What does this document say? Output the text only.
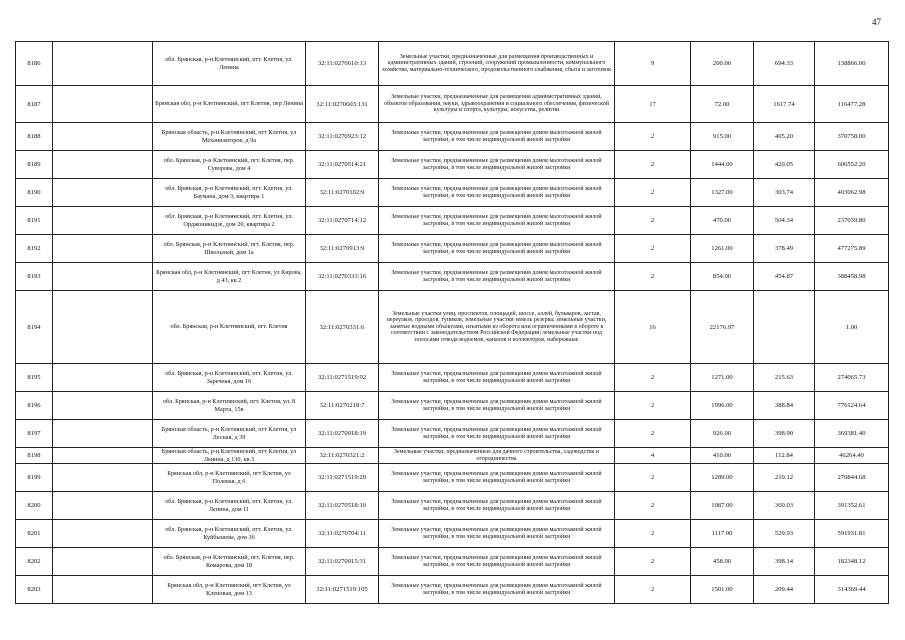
47
8186		обл. Брянская, р-н Клетнянский, пгт. Клетня, ул. Ленина	32:11:0270610:13	Земельные участки, предназначенные для размещения производственных и административных зданий, строений, сооружений промышленности, коммунального хозяйства, материально-технического, продовольственного снабжения, сбыта и заготовок	9	200.00	694.33	138866.00
8187		Брянская обл, р-н Клетнянский, пгт Клетня, пер Ленина	32:11:0270603:131	Земельные участки, предназначенные для размещения административных зданий, объектов образования, науки, здравоохранения и социального обеспечения, физической культуры и спорта, культуры, искусства, религии	17	72.00	1617.74	116477.28
8188		Брянская область, р-н Клетнянский, пгт Клетня, ул Механизаторов, д 9а	32:11:0270923:12	Земельные участки, предназначенные для размещения домов малоэтажной жилой застройки, в том числе индивидуальной жилой застройки	2	915.00	405.20	370758.00
8189		обл. Брянская, р-н Клетнянский, пгт. Клетня, пер. Суворова, дом 4	32:11:0270514:21	Земельные участки, предназначенные для размещения домов малоэтажной жилой застройки, в том числе индивидуальной жилой застройки	2	1444.00	420.05	606552.20
8190		обл. Брянская, р-н Клетнянский, пгт. Клетня, ул. Баумана, дом 3, квартира 1	32:11:0270102:9	Земельные участки, предназначенные для размещения домов малоэтажной жилой застройки, в том числе индивидуальной жилой застройки	2	1327.00	303.74	403062.98
8191		обл. Брянская, р-н Клетнянский, пгт. Клетня, ул. Орджоникидзе, дом 20, квартира 2	32:11:0270714:12	Земельные участки, предназначенные для размещения домов малоэтажной жилой застройки, в том числе индивидуальной жилой застройки	2	470.00	504.34	237039.80
8192		обл. Брянская, р-н Клетнянский, пгт. Клетня, пер. Школьный, дом 1а	32:11:0270913:9	Земельные участки, предназначенные для размещения домов малоэтажной жилой застройки, в том числе индивидуальной жилой застройки	2	1261.00	378.49	477275.89
8193		Брянская обл, р-н Клетнянский, пгт Клетня, ул Кирова, д 43, кв 2	32:11:0270333:16	Земельные участки, предназначенные для размещения домов малоэтажной жилой застройки, в том числе индивидуальной жилой застройки	2	854.00	454.87	388458.98
8194		обл. Брянская, р-н Клетнянский, пгт. Клетня	32:11:0270331:6	Земельные участки улиц, проспектов, площадей, шоссе, аллей, бульваров, застав, переулков, проездов, тупиков; земельные участки земель резерва; земельные участки, занятые водными объектами, изъятыми из оборота или ограниченными в обороте в соответствии с законодательством Российской Федерации; земельные участки под полосами отвода водоемов, каналов и коллекторов, набережные	16	22176.97		1.00
8195		обл. Брянская, р-н Клетнянский, пгт. Клетня, ул. Заречная, дом 16	32:11:0271519:92	Земельные участки, предназначенные для размещения домов малоэтажной жилой застройки, в том числе индивидуальной жилой застройки	2	1271.00	215.63	274065.73
8196		обл. Брянская, р-н Клетнянский, пгт. Клетня, ул. 8 Марта, 15в	32:11:0270218:7	Земельные участки, предназначенные для размещения домов малоэтажной жилой застройки, в том числе индивидуальной жилой застройки	2	1996.00	388.84	776124.64
8197		Брянская область, р-н Клетнянский, пгт Клетня, ул Лесная, д 39	32:11:0270918:19	Земельные участки, предназначенные для размещения домов малоэтажной жилой застройки, в том числе индивидуальной жилой застройки	2	926.00	398.90	369381.40
8198		Брянская область, р-н Клетнянский, пгт Клетня, ул Ленина, д 130, кв 3	32:11:0270321:2	Земельные участки, предназначенные для дачного строительства, садоводства и огородничества	4	410.00	112.84	46264.40
8199		Брянская обл, р-н Клетнянский, пгт Клетня, ул Полевая, д 6	32:11:0271519:29	Земельные участки, предназначенные для размещения домов малоэтажной жилой застройки, в том числе индивидуальной жилой застройки	2	1289.00	210.12	270844.68
8200		обл. Брянская, р-н Клетнянский, пгт. Клетня, ул. Ленина, дом 11	32:11:0270518:10	Земельные участки, предназначенные для размещения домов малоэтажной жилой застройки, в том числе индивидуальной жилой застройки	2	1087.00	360.03	391352.61
8201		обл. Брянская, р-н Клетнянский, пгт. Клетня, ул. Куйбышева, дом 36	32:11:0270704:11	Земельные участки, предназначенные для размещения домов малоэтажной жилой застройки, в том числе индивидуальной жилой застройки	2	1117.00	529.93	591931.81
8202		обл. Брянская, р-н Клетнянский, пгт. Клетня, пер. Комарова, дом 18	32:11:0270915:31	Земельные участки, предназначенные для размещения домов малоэтажной жилой застройки, в том числе индивидуальной жилой застройки	2	458.00	398.14	182348.12
8203		Брянская обл, р-н Клетнянский, пгт Клетня, ул Кленовая, дом 13	32:11:0271519:105	Земельные участки, предназначенные для размещения домов малоэтажной жилой застройки, в том числе индивидуальной жилой застройки	2	1501.00	209.44	314369.44
